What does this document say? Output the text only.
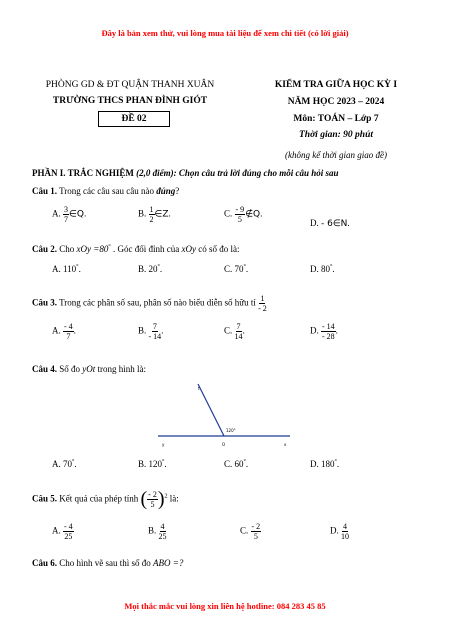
Đây là bản xem thử, vui lòng mua tài liệu để xem chi tiết (có lời giải)
PHÒNG GD & ĐT QUẬN THANH XUÂN
TRƯỜNG THCS PHAN ĐÌNH GIÓT
ĐỀ 02
KIỂM TRA GIỮA HỌC KỲ I
NĂM HỌC 2023 – 2024
Môn: TOÁN – Lớp 7
Thời gian: 90 phút
(không kể thời gian giao đề)
PHẦN I. TRẮC NGHIỆM (2,0 điểm): Chọn câu trả lời đúng cho mỗi câu hỏi sau
Câu 1. Trong các câu sau câu nào đúng?
A. $\frac{3}{7}$ ∈Q.	B. $\frac{1}{2}$ ∈Z.	C. $\frac{- 9}{5}$ ∉Q.
D. - 6∈N.
Câu 2. Cho xOy =80° . Góc đối đỉnh của xOy có số đo là:
A. 110°.	B. 20°.	C. 70°.	D. 80°.
Câu 3. Trong các phân số sau, phân số nào biểu diễn số hữu tỉ $\frac{1}{- 2}$
A. $\frac{- 4}{7}$ .	B. $\frac{7}{- 14}$ .	C. $\frac{7}{14}$ .	D. $\frac{- 14}{- 28}$ .
Câu 4. Số đo yOt trong hình là:
t
y	O	x
120°
A. 70°.	B. 120°.	C. 60°.	D. 180°.
Câu 5. Kết quả của phép tính ( $\frac{- 2}{5} )^2$ là:
A. $\frac{- 4}{25}$	B. $\frac{4}{25}$	C. $\frac{- 2}{5}$	D. $\frac{4}{10}$
Câu 6. Cho hình vẽ sau thì số đo ABO =?
Mọi thắc mắc vui lòng xin liên hệ hotline: 084 283 45 85
